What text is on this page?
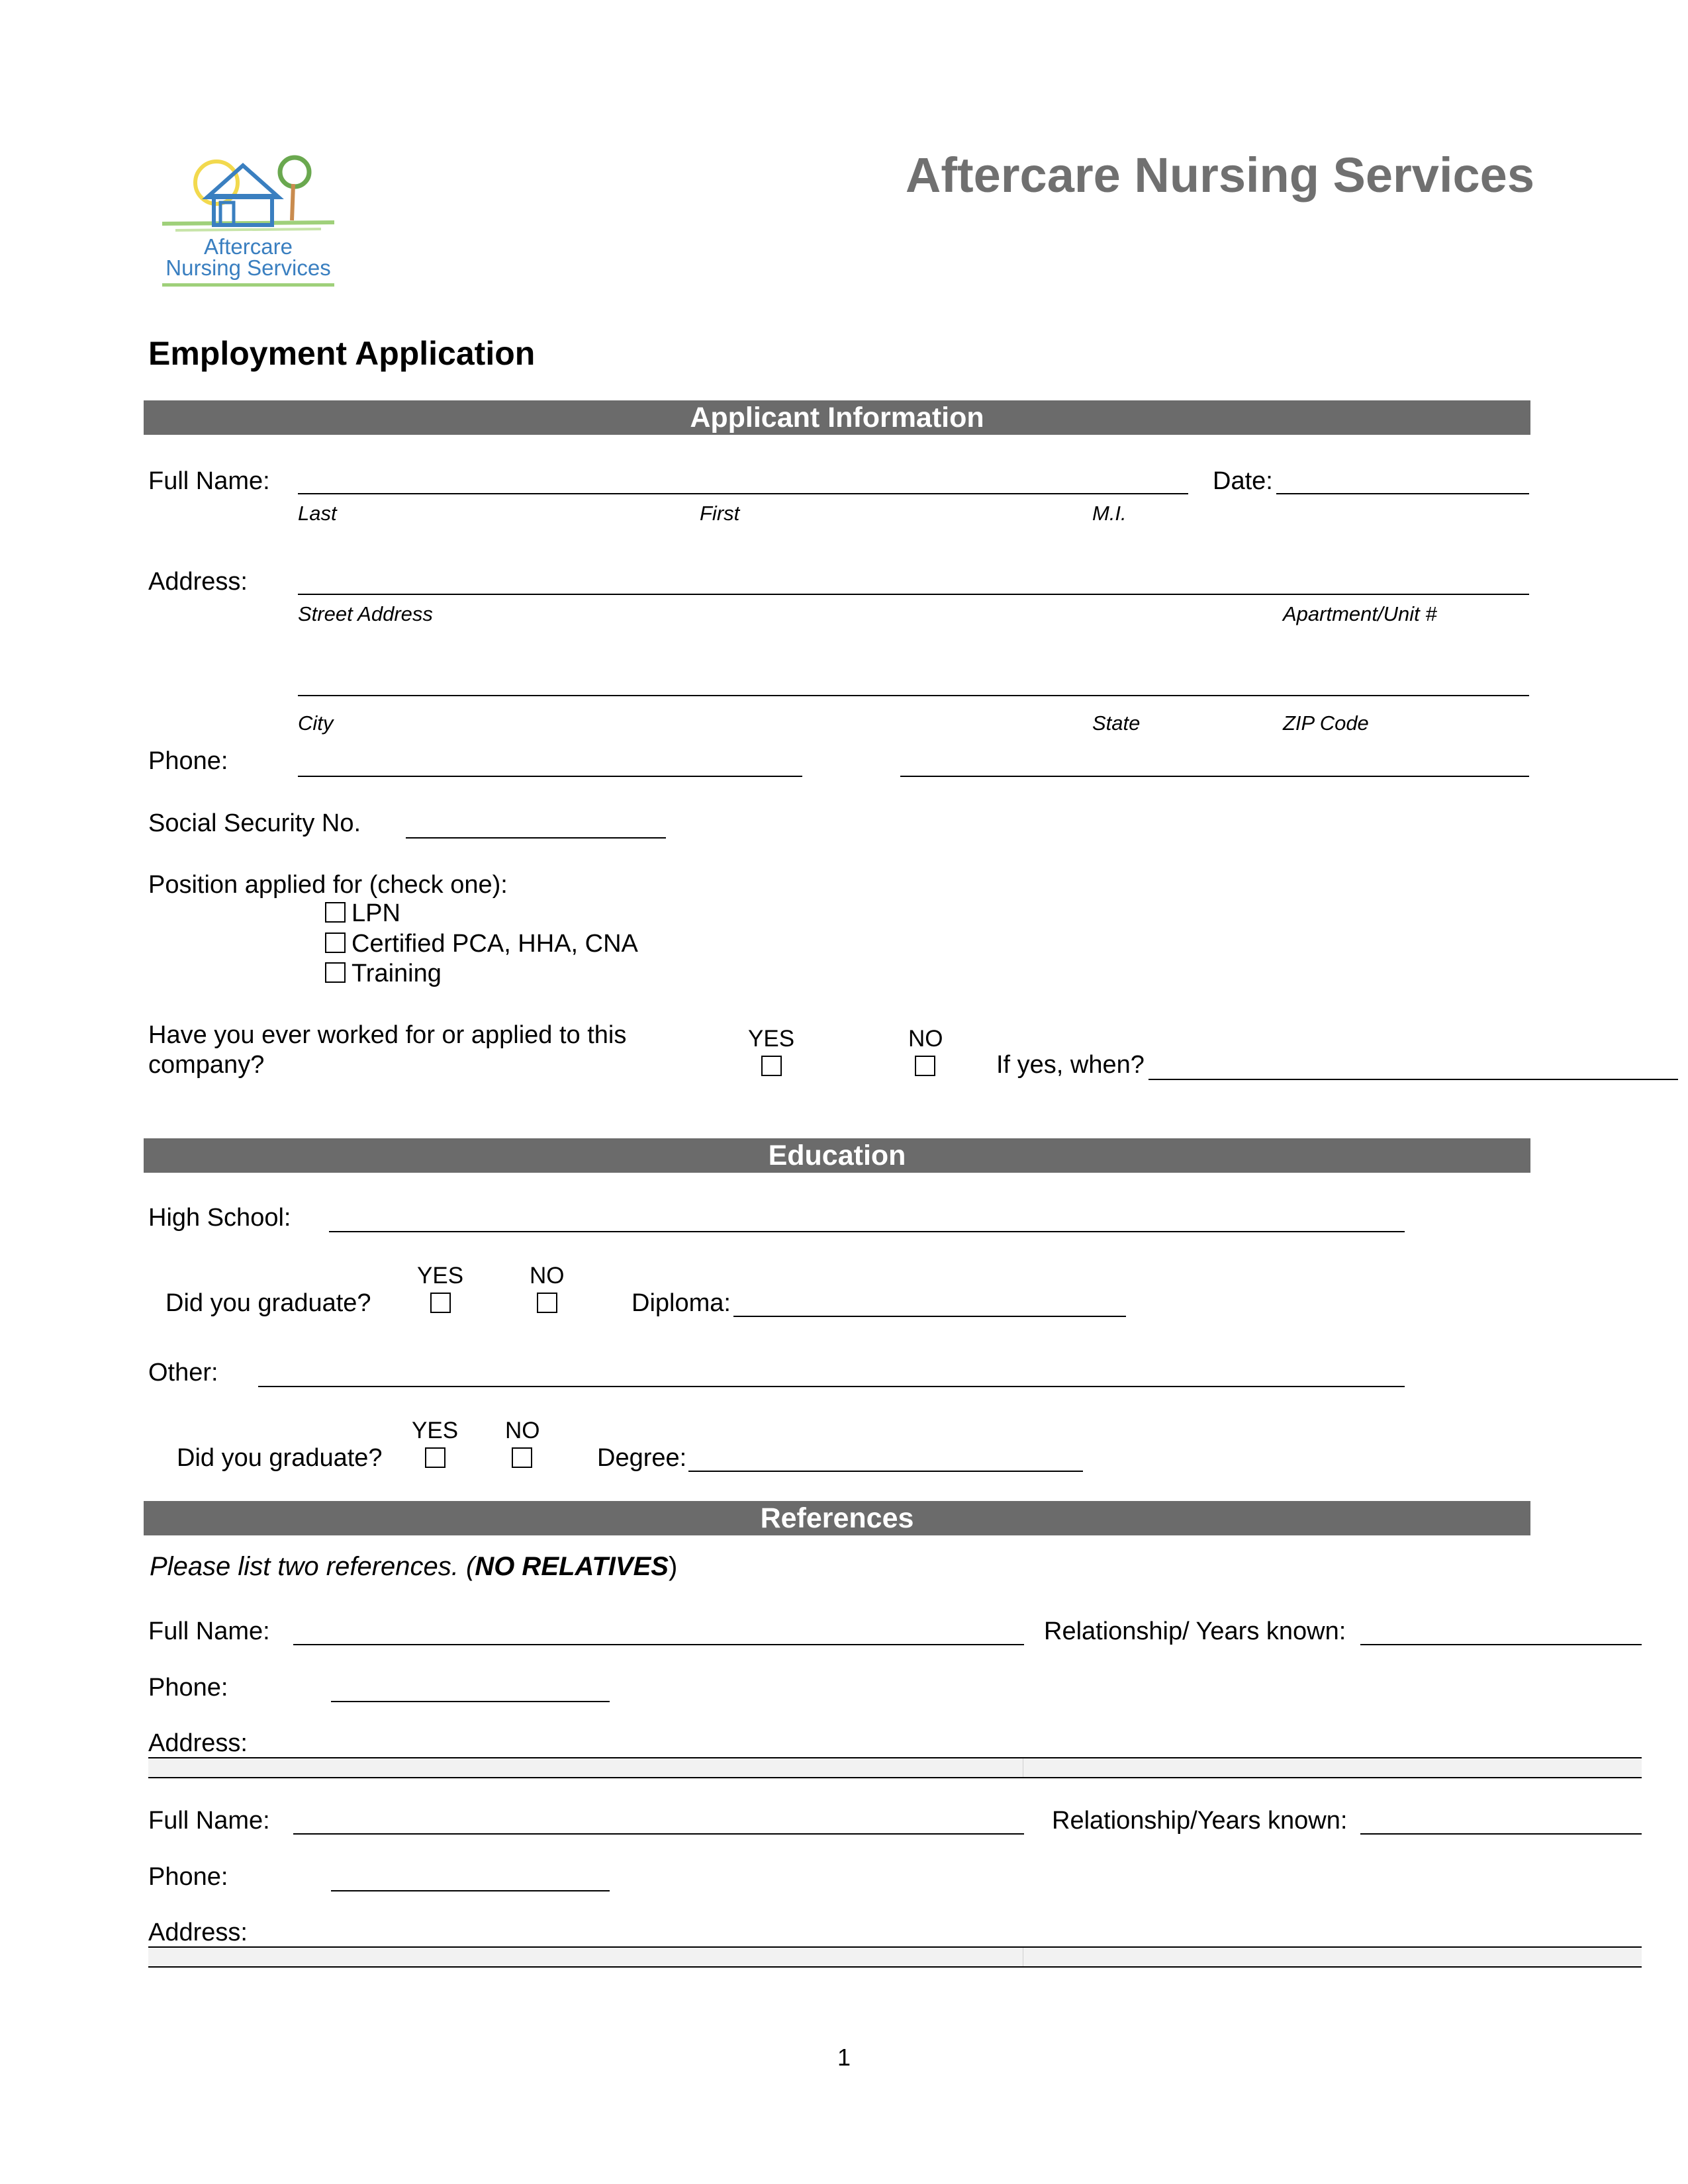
Aftercare
Nursing Services
Aftercare Nursing Services
Employment Application
Applicant Information
Full Name:	Date:
Last	First	M.I.
Address:
Street Address	Apartment/Unit #
City	State	ZIP Code
Phone:
Social Security No.
Position applied for (check one):
LPN
Certified PCA, HHA, CNA
Training
Have you ever worked for or applied to this
company?
YES	NO
If yes, when?
Education
High School:
YES	NO
Did you graduate?	Diploma:
Other:
YES NO
Did you graduate?	Degree:
References
Please list two references. (NO RELATIVES)
Full Name:	Relationship/ Years known:
Phone:
Address:
Full Name:	Relationship/Years known:
Phone:
Address:
1
